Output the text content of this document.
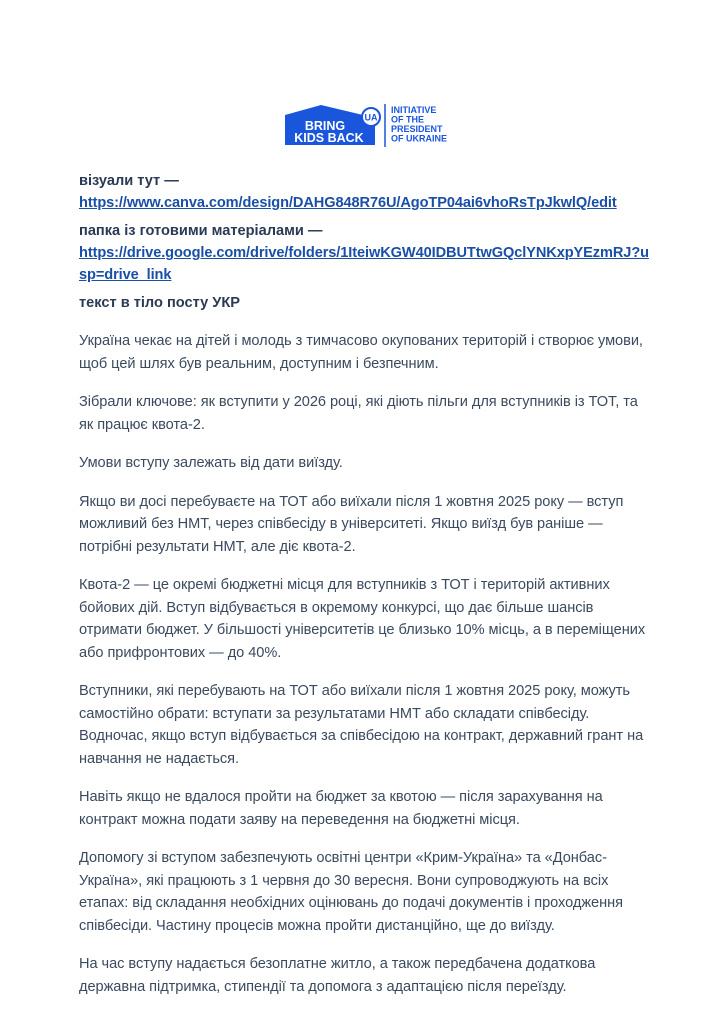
UA
BRING
KIDS BACK
INITIATIVE
OF THE
PRESIDENT
OF UKRAINE

візуали тут —

https://www.canva.com/design/DAHG848R76U/AgoTP04ai6vhoRsTpJkwlQ/edit

папка із готовими матеріалами —

https://drive.google.com/drive/folders/1IteiwKGW40IDBUTtwGQclYNKxpYEzmRJ?usp=drive_link

текст в тіло посту УКР

Україна чекає на дітей і молодь з тимчасово окупованих територій і створює умови, щоб цей шлях був реальним, доступним і безпечним.

Зібрали ключове: як вступити у 2026 році, які діють пільги для вступників із ТОТ, та як працює квота-2.

Умови вступу залежать від дати виїзду.

Якщо ви досі перебуваєте на ТОТ або виїхали після 1 жовтня 2025 року — вступ можливий без НМТ, через співбесіду в університеті. Якщо виїзд був раніше — потрібні результати НМТ, але діє квота-2.

Квота-2 — це окремі бюджетні місця для вступників з ТОТ і територій активних бойових дій. Вступ відбувається в окремому конкурсі, що дає більше шансів отримати бюджет. У більшості університетів це близько 10% місць, а в переміщених або прифронтових — до 40%.

Вступники, які перебувають на ТОТ або виїхали після 1 жовтня 2025 року, можуть самостійно обрати: вступати за результатами НМТ або складати співбесіду. Водночас, якщо вступ відбувається за співбесідою на контракт, державний грант на навчання не надається.

Навіть якщо не вдалося пройти на бюджет за квотою — після зарахування на контракт можна подати заяву на переведення на бюджетні місця.

Допомогу зі вступом забезпечують освітні центри «Крим-Україна» та «Донбас-Україна», які працюють з 1 червня до 30 вересня. Вони супроводжують на всіх етапах: від складання необхідних оцінювань до подачі документів і проходження співбесіди. Частину процесів можна пройти дистанційно, ще до виїзду.

На час вступу надається безоплатне житло, а також передбачена додаткова державна підтримка, стипендії та допомога з адаптацією після переїзду.
